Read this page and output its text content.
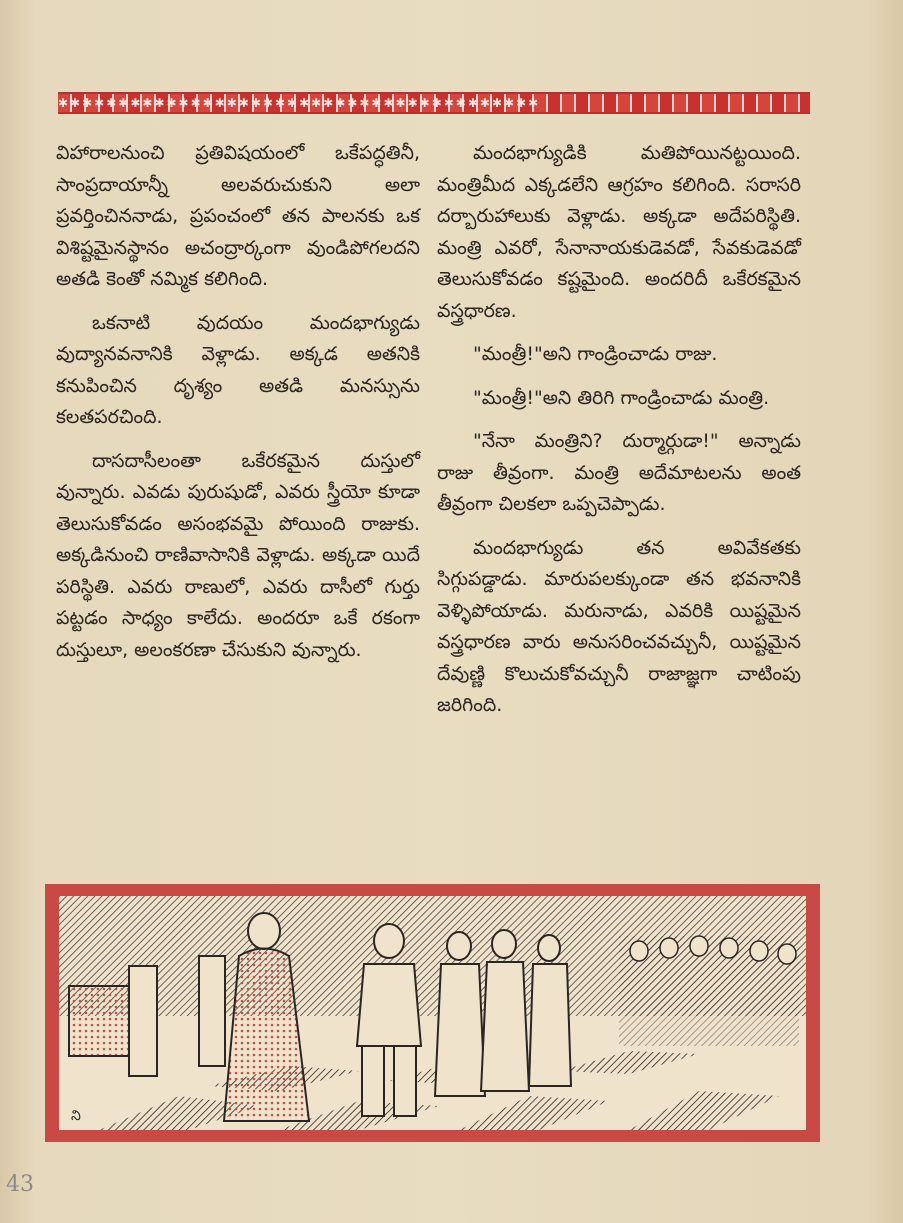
✱✱✱✱✱✱✱✱✱✱✱✱✱✱✱✱✱✱✱✱✱✱✱✱✱✱✱✱✱✱✱✱✱✱✱✱✱✱✱✱

విహారాలనుంచి ప్రతివిషయంలో ఒకేపద్ధతినీ, సాంప్రదాయాన్నీ అలవరుచుకుని అలా ప్రవర్తించిననాడు, ప్రపంచంలో తన పాలనకు ఒక విశిష్టమైనస్థానం అచంద్రార్కంగా వుండిపోగలదని అతడి కెంతో నమ్మిక కలిగింది.

ఒకనాటి వుదయం మందభాగ్యుడు వుద్యానవనానికి వెళ్లాడు. అక్కడ అతనికి కనుపించిన దృశ్యం అతడి మనస్సును కలతపరచింది.

దాసదాసీలంతా ఒకేరకమైన దుస్తులో వున్నారు. ఎవడు పురుషుడో, ఎవరు స్త్రీయో కూడా తెలుసుకోవడం అసంభవమై పోయింది రాజుకు. అక్కడినుంచి రాణివాసానికి వెళ్లాడు. అక్కడా యిదే పరిస్థితి. ఎవరు రాణులో, ఎవరు దాసీలో గుర్తు పట్టడం సాధ్యం కాలేదు. అందరూ ఒకే రకంగా దుస్తులూ, అలంకరణా చేసుకుని వున్నారు.

మందభాగ్యుడికి మతిపోయినట్టయింది. మంత్రిమీద ఎక్కడలేని ఆగ్రహం కలిగింది. సరాసరి దర్బారుహాలుకు వెళ్లాడు. అక్కడా అదేపరిస్థితి. మంత్రి ఎవరో, సేనానాయకుడెవడో, సేవకుడెవడో తెలుసుకోవడం కష్టమైంది. అందరిదీ ఒకేరకమైన వస్త్రధారణ.

"మంత్రీ!"అని గాండ్రించాడు రాజు.

"మంత్రీ!"అని తిరిగి గాండ్రించాడు మంత్రి.

"నేనా మంత్రిని? దుర్మార్గుడా!" అన్నాడు రాజు తీవ్రంగా. మంత్రి అదేమాటలను అంత తీవ్రంగా చిలకలా ఒప్పచెప్పాడు.

మందభాగ్యుడు తన అవివేకతకు సిగ్గుపడ్డాడు. మారుపలక్కుండా తన భవనానికి వెళ్ళిపోయాడు. మరునాడు, ఎవరికి యిష్టమైన వస్త్రధారణ వారు అనుసరించవచ్చునీ, యిష్టమైన దేవుణ్ణి కొలుచుకోవచ్చునీ రాజాజ్ఞగా చాటింపు జరిగింది.

ని
43
